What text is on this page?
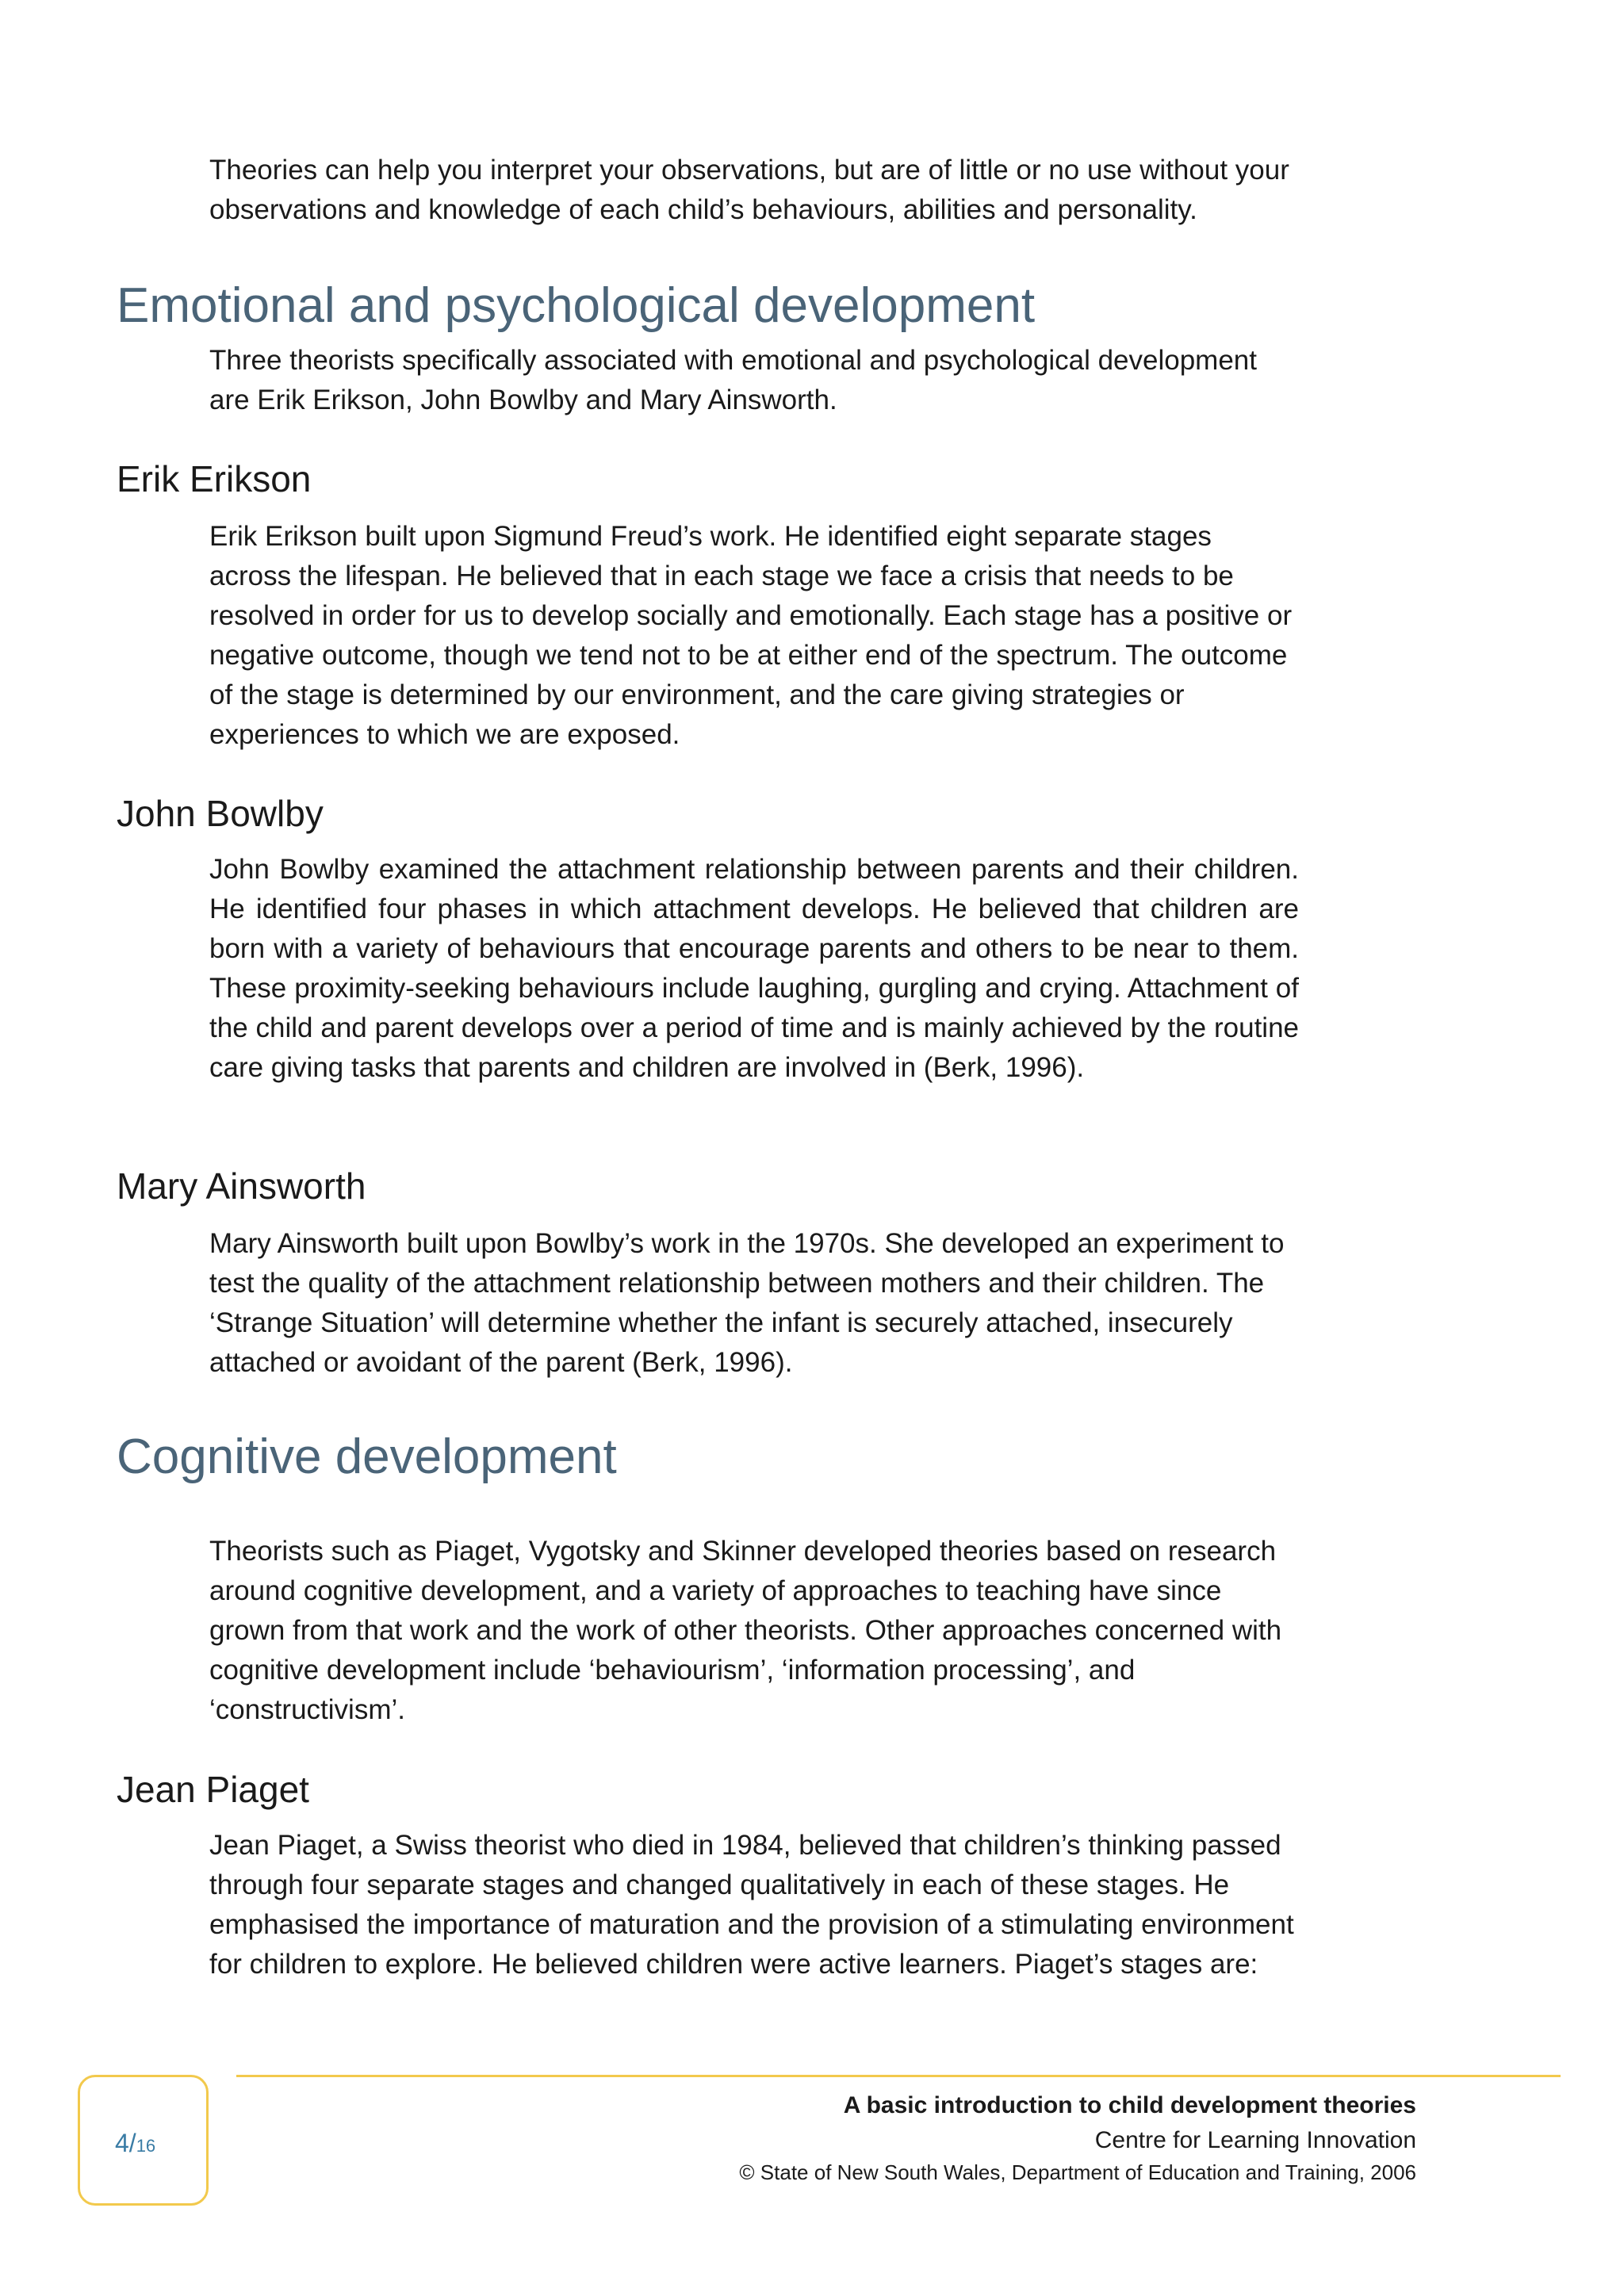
Theories can help you interpret your observations, but are of little or no use without your observations and knowledge of each child’s behaviours, abilities and personality.

Emotional and psychological development

Three theorists specifically associated with emotional and psychological development are Erik Erikson, John Bowlby and Mary Ainsworth.

Erik Erikson

Erik Erikson built upon Sigmund Freud’s work. He identified eight separate stages across the lifespan. He believed that in each stage we face a crisis that needs to be resolved in order for us to develop socially and emotionally. Each stage has a positive or negative outcome, though we tend not to be at either end of the spectrum. The outcome of the stage is determined by our environment, and the care giving strategies or experiences to which we are exposed.

John Bowlby

John Bowlby examined the attachment relationship between parents and their children. He identified four phases in which attachment develops. He believed that children are born with a variety of behaviours that encourage parents and others to be near to them. These proximity-seeking behaviours include laughing, gurgling and crying. Attachment of the child and parent develops over a period of time and is mainly achieved by the routine care giving tasks that parents and children are involved in (Berk, 1996).

Mary Ainsworth

Mary Ainsworth built upon Bowlby’s work in the 1970s. She developed an experiment to test the quality of the attachment relationship between mothers and their children. The ‘Strange Situation’ will determine whether the infant is securely attached, insecurely attached or avoidant of the parent (Berk, 1996).

Cognitive development

Theorists such as Piaget, Vygotsky and Skinner developed theories based on research around cognitive development, and a variety of approaches to teaching have since grown from that work and the work of other theorists. Other approaches concerned with cognitive development include ‘behaviourism’, ‘information processing’, and ‘constructivism’.

Jean Piaget

Jean Piaget, a Swiss theorist who died in 1984, believed that children’s thinking passed through four separate stages and changed qualitatively in each of these stages. He emphasised the importance of maturation and the provision of a stimulating environment for children to explore. He believed children were active learners. Piaget’s stages are:

4/16

A basic introduction to child development theories

Centre for Learning Innovation

© State of New South Wales, Department of Education and Training, 2006
